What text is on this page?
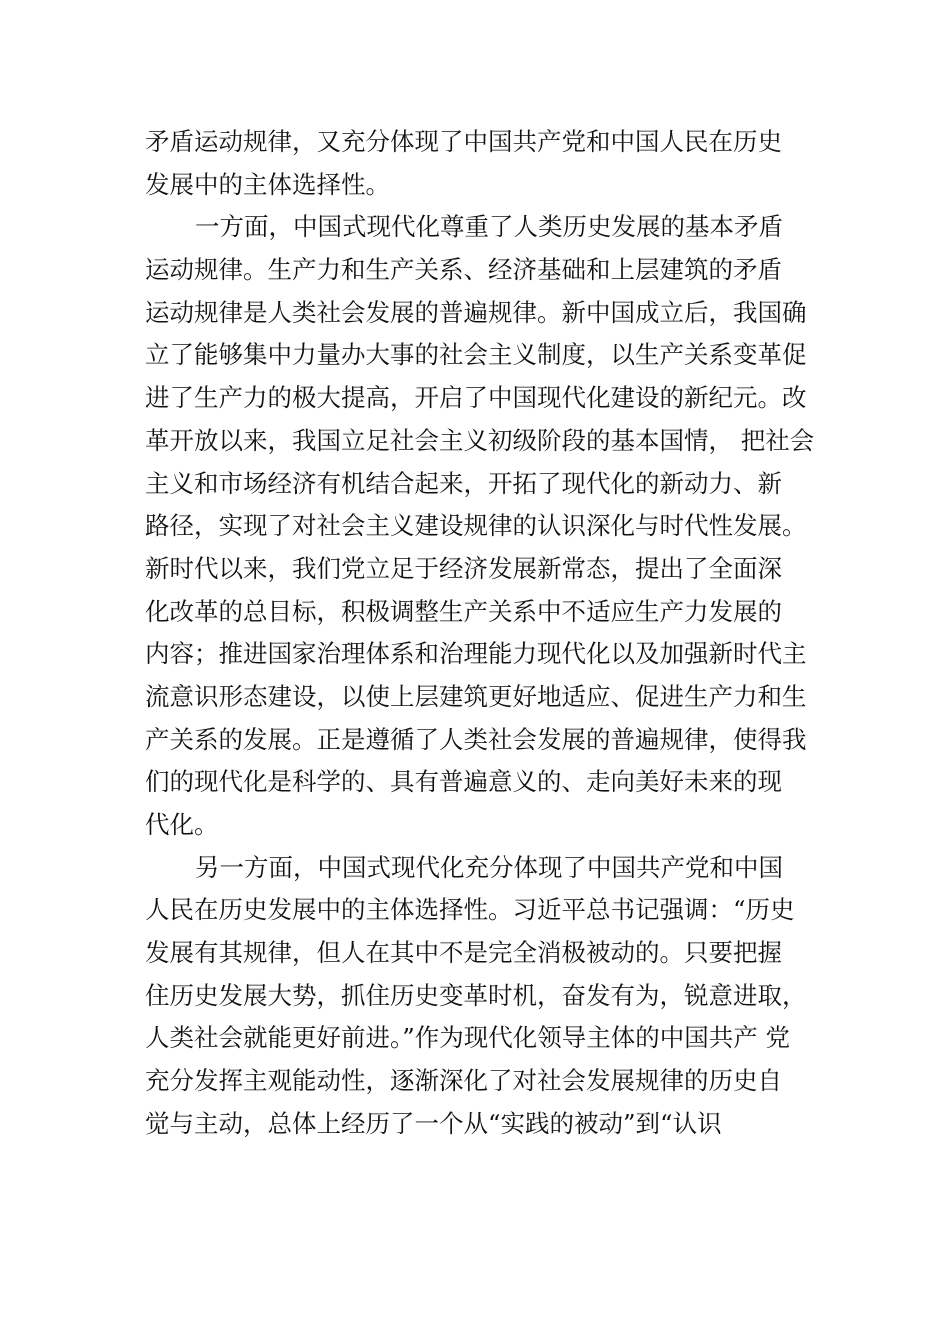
矛盾运动规律，又充分体现了中国共产党和中国人民在历史
发展中的主体选择性。
一方面，中国式现代化尊重了人类历史发展的基本矛盾
运动规律。生产力和生产关系、经济基础和上层建筑的矛盾
运动规律是人类社会发展的普遍规律。新中国成立后，我国确
立了能够集中力量办大事的社会主义制度，以生产关系变革促
进了生产力的极大提高，开启了中国现代化建设的新纪元。改
革开放以来，我国立足社会主义初级阶段的基本国情， 把社会
主义和市场经济有机结合起来，开拓了现代化的新动力、新
路径，实现了对社会主义建设规律的认识深化与时代性发展。
新时代以来，我们党立足于经济发展新常态，提出了全面深
化改革的总目标，积极调整生产关系中不适应生产力发展的
内容；推进国家治理体系和治理能力现代化以及加强新时代主
流意识形态建设，以使上层建筑更好地适应、促进生产力和生
产关系的发展。正是遵循了人类社会发展的普遍规律，使得我
们的现代化是科学的、具有普遍意义的、走向美好未来的现
代化。
另一方面，中国式现代化充分体现了中国共产党和中国
人民在历史发展中的主体选择性。习近平总书记强调：“历史
发展有其规律，但人在其中不是完全消极被动的。只要把握
住历史发展大势，抓住历史变革时机，奋发有为，锐意进取，
人类社会就能更好前进。”作为现代化领导主体的中国共产 党
充分发挥主观能动性，逐渐深化了对社会发展规律的历史自
觉与主动，总体上经历了一个从“实践的被动”到“认识
